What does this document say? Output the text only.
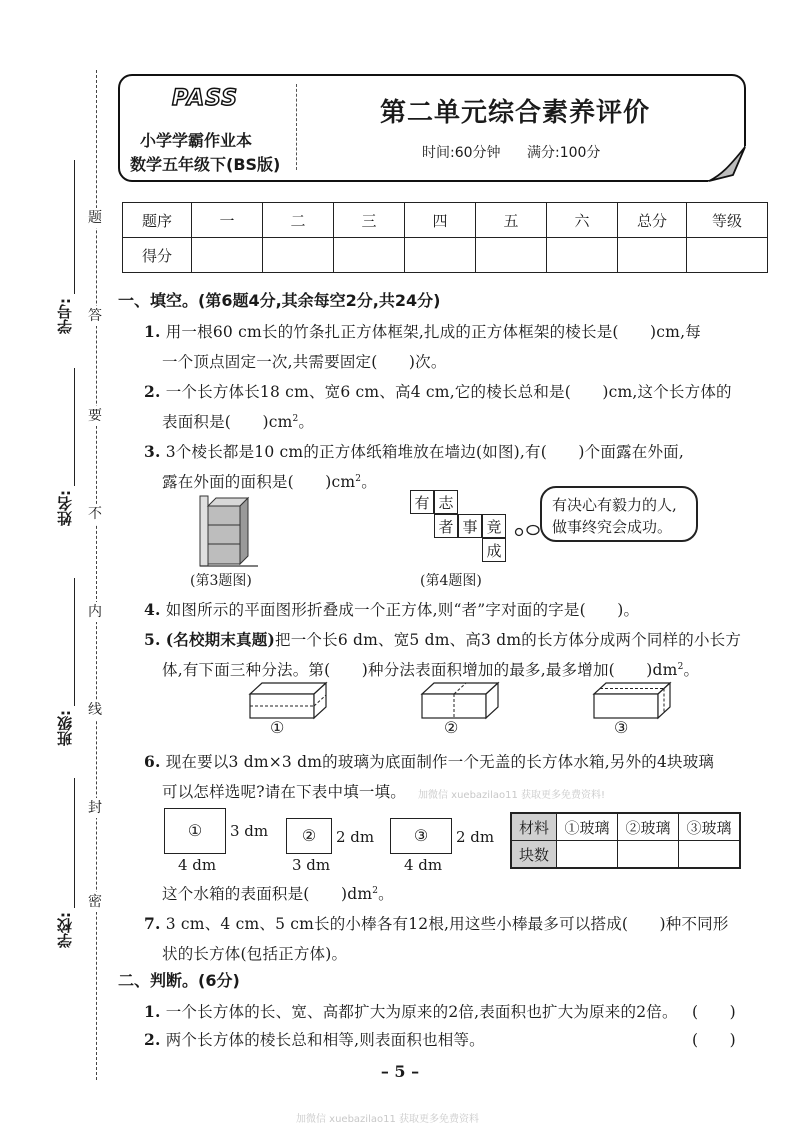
题
答
要
不
内
线
封
密
学号:
姓名:
班级:
学校:
PASS
小学学霸作业本
数学五年级下(BS版)
第二单元综合素养评价
时间:60分钟 满分:100分
题序	一	二	三	四	五	六	总分	等级
得分								
一、填空。(第6题4分,其余每空2分,共24分)
1. 用一根60 cm长的竹条扎正方体框架,扎成的正方体框架的棱长是(　　)cm,每
一个顶点固定一次,共需要固定(　　)次。
2. 一个长方体长18 cm、宽6 cm、高4 cm,它的棱长总和是(　　)cm,这个长方体的
表面积是(　　)$cm^2$。
3. 3个棱长都是10 cm的正方体纸箱堆放在墙边(如图),有(　　)个面露在外面,
露在外面的面积是(　　)$cm^2$。
(第3题图)
有 志
者 事 竟
成
有决心有毅力的人,
做事终究会成功。
(第4题图)
4. 如图所示的平面图形折叠成一个正方体,则“者”字对面的字是(　　)。
5. (名校期末真题)把一个长6 dm、宽5 dm、高3 dm的长方体分成两个同样的小长方
体,有下面三种分法。第(　　)种分法表面积增加的最多,最多增加(　　)$dm^2$。
①	②	③
6. 现在要以3 dm×3 dm的玻璃为底面制作一个无盖的长方体水箱,另外的4块玻璃
可以怎样选呢?请在下表中填一填。 加微信 xuebazilao11 获取更多免费资料!
①	3 dm
4 dm
②	2 dm
3 dm
③	2 dm
4 dm
材料	①玻璃	②玻璃	③玻璃
块数			
这个水箱的表面积是(　　)$dm^2$。
7. 3 cm、4 cm、5 cm长的小棒各有12根,用这些小棒最多可以搭成(　　)种不同形
状的长方体(包括正方体)。
二、判断。(6分)
1. 一个长方体的长、宽、高都扩大为原来的2倍,表面积也扩大为原来的2倍。 (　　)
2. 两个长方体的棱长总和相等,则表面积也相等。	(　　)
– 5 –
加微信 xuebazilao11 获取更多免费资料
